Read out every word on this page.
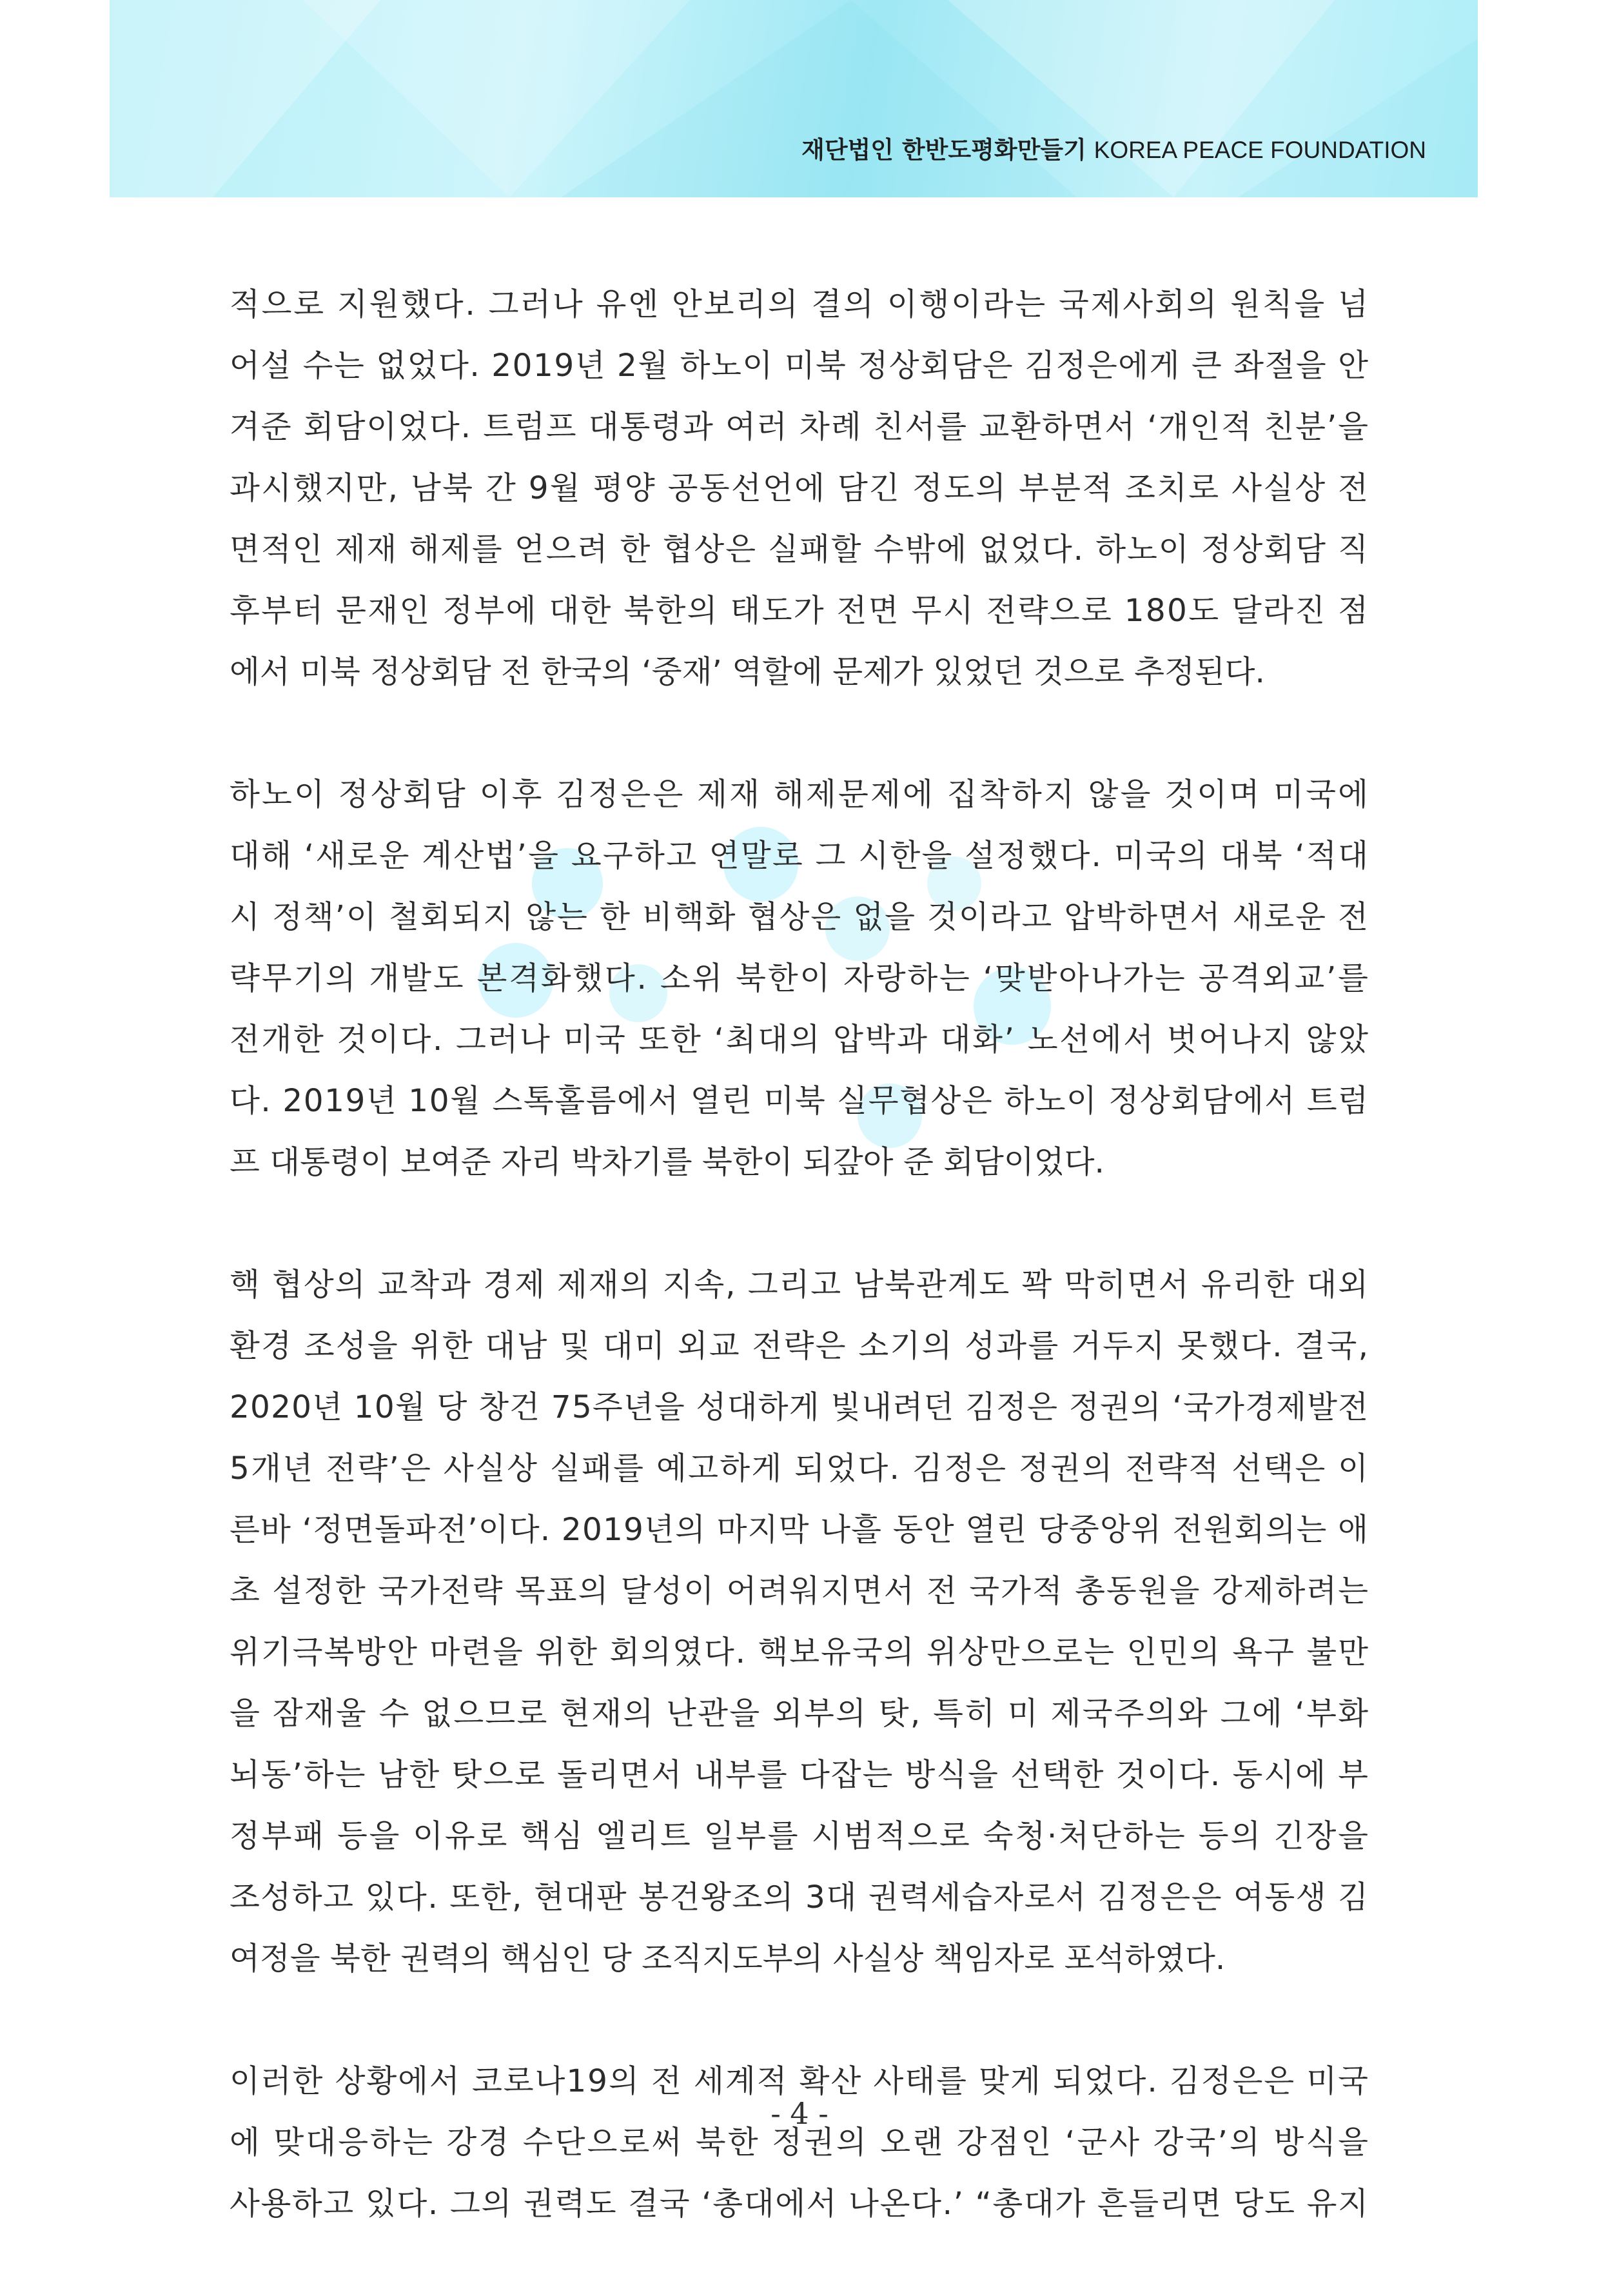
재단법인 한반도평화만들기 KOREA PEACE FOUNDATION
적으로 지원했다. 그러나 유엔 안보리의 결의 이행이라는 국제사회의 원칙을 넘
어설 수는 없었다. 2019년 2월 하노이 미북 정상회담은 김정은에게 큰 좌절을 안
겨준 회담이었다. 트럼프 대통령과 여러 차례 친서를 교환하면서 ‘개인적 친분’을
과시했지만, 남북 간 9월 평양 공동선언에 담긴 정도의 부분적 조치로 사실상 전
면적인 제재 해제를 얻으려 한 협상은 실패할 수밖에 없었다. 하노이 정상회담 직
후부터 문재인 정부에 대한 북한의 태도가 전면 무시 전략으로 180도 달라진 점
에서 미북 정상회담 전 한국의 ‘중재’ 역할에 문제가 있었던 것으로 추정된다.
하노이 정상회담 이후 김정은은 제재 해제문제에 집착하지 않을 것이며 미국에
대해 ‘새로운 계산법’을 요구하고 연말로 그 시한을 설정했다. 미국의 대북 ‘적대
시 정책’이 철회되지 않는 한 비핵화 협상은 없을 것이라고 압박하면서 새로운 전
략무기의 개발도 본격화했다. 소위 북한이 자랑하는 ‘맞받아나가는 공격외교’를
전개한 것이다. 그러나 미국 또한 ‘최대의 압박과 대화’ 노선에서 벗어나지 않았
다. 2019년 10월 스톡홀름에서 열린 미북 실무협상은 하노이 정상회담에서 트럼
프 대통령이 보여준 자리 박차기를 북한이 되갚아 준 회담이었다.
핵 협상의 교착과 경제 제재의 지속, 그리고 남북관계도 꽉 막히면서 유리한 대외
환경 조성을 위한 대남 및 대미 외교 전략은 소기의 성과를 거두지 못했다. 결국,
2020년 10월 당 창건 75주년을 성대하게 빛내려던 김정은 정권의 ‘국가경제발전
5개년 전략’은 사실상 실패를 예고하게 되었다. 김정은 정권의 전략적 선택은 이
른바 ‘정면돌파전’이다. 2019년의 마지막 나흘 동안 열린 당중앙위 전원회의는 애
초 설정한 국가전략 목표의 달성이 어려워지면서 전 국가적 총동원을 강제하려는
위기극복방안 마련을 위한 회의였다. 핵보유국의 위상만으로는 인민의 욕구 불만
을 잠재울 수 없으므로 현재의 난관을 외부의 탓, 특히 미 제국주의와 그에 ‘부화
뇌동’하는 남한 탓으로 돌리면서 내부를 다잡는 방식을 선택한 것이다. 동시에 부
정부패 등을 이유로 핵심 엘리트 일부를 시범적으로 숙청·처단하는 등의 긴장을
조성하고 있다. 또한, 현대판 봉건왕조의 3대 권력세습자로서 김정은은 여동생 김
여정을 북한 권력의 핵심인 당 조직지도부의 사실상 책임자로 포석하였다.
이러한 상황에서 코로나19의 전 세계적 확산 사태를 맞게 되었다. 김정은은 미국
에 맞대응하는 강경 수단으로써 북한 정권의 오랜 강점인 ‘군사 강국’의 방식을
사용하고 있다. 그의 권력도 결국 ‘총대에서 나온다.’ “총대가 흔들리면 당도 유지
- 4 -
